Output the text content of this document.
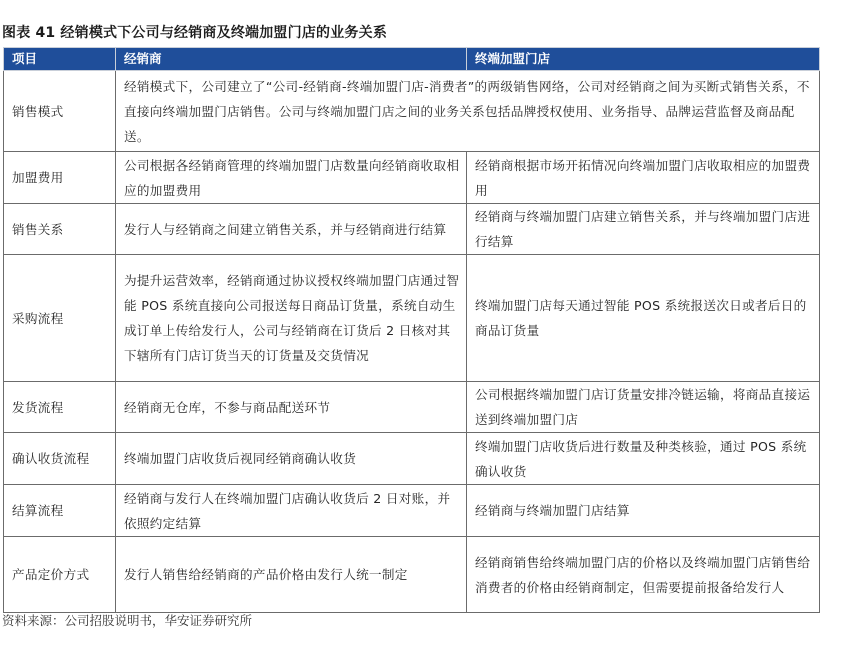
图表 41 经销模式下公司与经销商及终端加盟门店的业务关系
项目	经销商	终端加盟门店
销售模式	经销模式下，公司建立了“公司-经销商-终端加盟门店-消费者”的两级销售网络，公司对经销商之间为买断式销售关系，不直接向终端加盟门店销售。公司与终端加盟门店之间的业务关系包括品牌授权使用、业务指导、品牌运营监督及商品配送。	
加盟费用	公司根据各经销商管理的终端加盟门店数量向经销商收取相应的加盟费用	经销商根据市场开拓情况向终端加盟门店收取相应的加盟费用
销售关系	发行人与经销商之间建立销售关系，并与经销商进行结算	经销商与终端加盟门店建立销售关系，并与终端加盟门店进行结算
采购流程	为提升运营效率，经销商通过协议授权终端加盟门店通过智能 POS 系统直接向公司报送每日商品订货量，系统自动生成订单上传给发行人，公司与经销商在订货后 2 日核对其下辖所有门店订货当天的订货量及交货情况	终端加盟门店每天通过智能 POS 系统报送次日或者后日的商品订货量
发货流程	经销商无仓库，不参与商品配送环节	公司根据终端加盟门店订货量安排冷链运输，将商品直接运送到终端加盟门店
确认收货流程	终端加盟门店收货后视同经销商确认收货	终端加盟门店收货后进行数量及种类核验，通过 POS 系统确认收货
结算流程	经销商与发行人在终端加盟门店确认收货后 2 日对账，并依照约定结算	经销商与终端加盟门店结算
产品定价方式	发行人销售给经销商的产品价格由发行人统一制定	经销商销售给终端加盟门店的价格以及终端加盟门店销售给消费者的价格由经销商制定，但需要提前报备给发行人
资料来源：公司招股说明书，华安证券研究所
